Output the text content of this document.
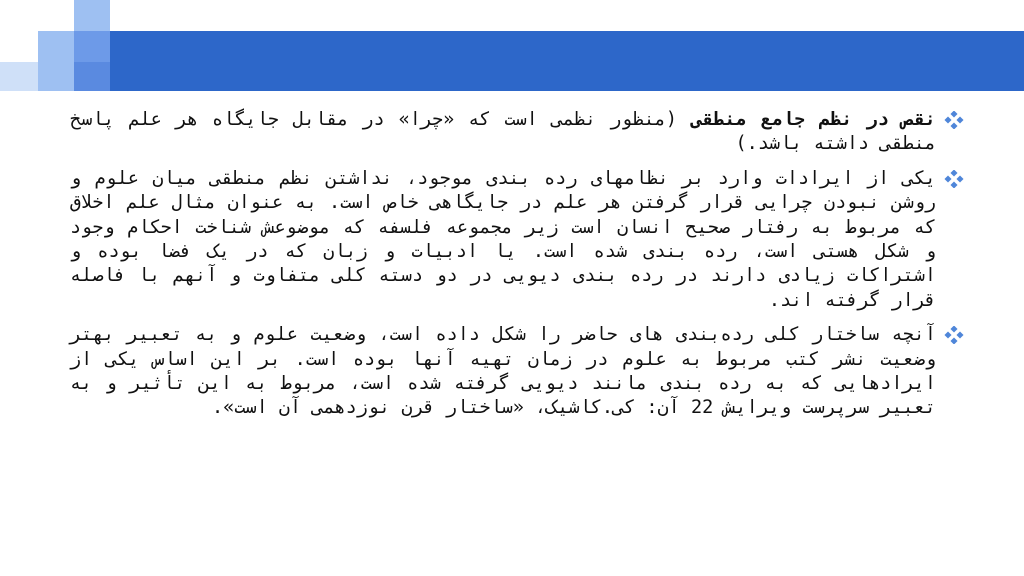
نقص در نظم جامع منطقی (منظور نظمی است که «چرا» در مقابل جایگاه هر علم پاسخ منطقی داشته باشد.)
یکی از ایرادات وارد بر نظامهای رده بندی موجود، نداشتن نظم منطقی میان علوم و روشن نبودن چرایی قرار گرفتن هر علم در جایگاهی خاص است. به عنوان مثال علم اخلاق که مربوط به رفتار صحیح انسان است زیر مجموعه فلسفه که موضوعش شناخت احکام وجود و شکل هستی است، رده بندی شده است. یا ادبیات و زبان که در یک فضا بوده و اشتراکات زیادی دارند در رده بندی دیویی در دو دسته کلی متفاوت و آنهم با فاصله قرار گرفته اند.
آنچه ساختار کلی رده‌بندی های حاضر را شکل داده است، وضعیت علوم و به تعبیر بهتر وضعیت نشر کتب مربوط به علوم در زمان تهیه آنها بوده است. بر این اساس یکی از ایرادهایی که به رده بندی مانند دیویی گرفته شده است، مربوط به این تأثیر و به تعبیر سرپرست ویرایش 22 آن: کی.کاشیک، «ساختار قرن نوزدهمی آن است».
